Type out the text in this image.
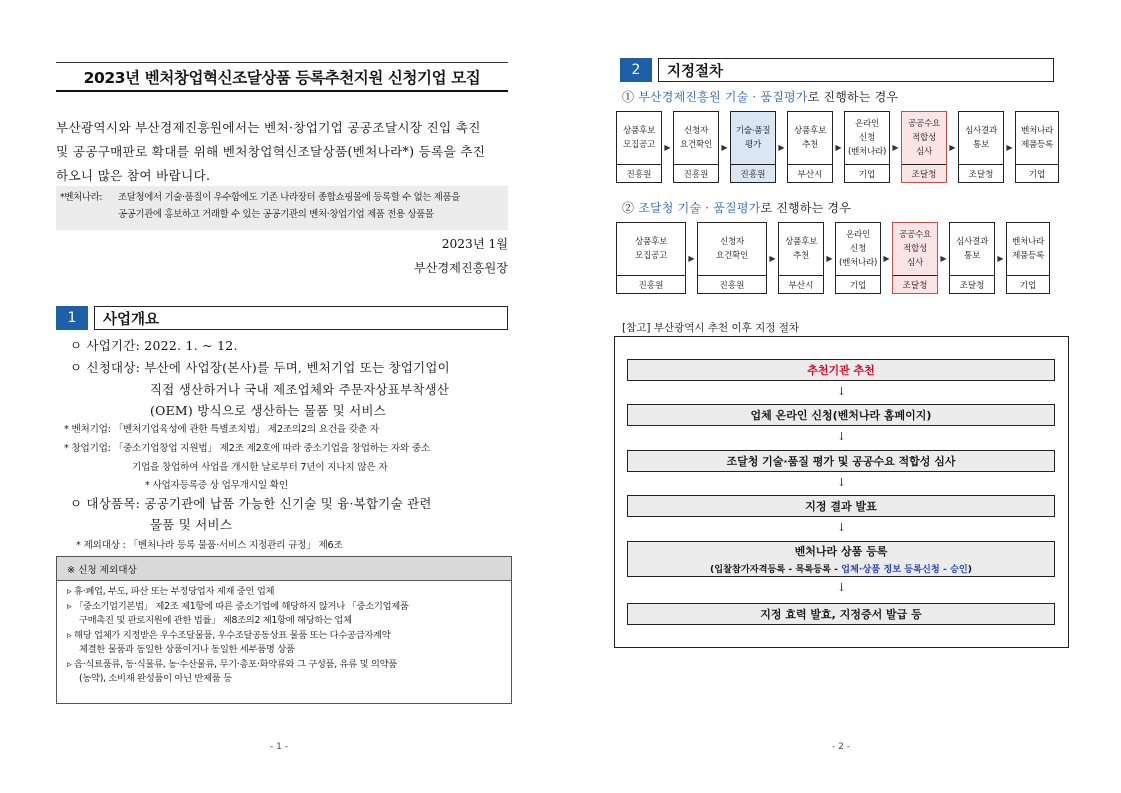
2023년 벤처창업혁신조달상품 등록추천지원 신청기업 모집
부산광역시와 부산경제진흥원에서는 벤처·창업기업 공공조달시장 진입 촉진
및 공공구매판로 확대를 위해 벤처창업혁신조달상품(벤처나라*) 등록을 추진
하오니 많은 참여 바랍니다.
*벤처나라: 조달청에서 기술·품질이 우수함에도 기존 나라장터 종합쇼핑몰에 등록할 수 없는 제품을
공공기관에 홍보하고 거래할 수 있는 공공기관의 벤처·창업기업 제품 전용 상품몰
2023년 1월
부산경제진흥원장
1	사업개요
ㅇ 사업기간: 2022. 1. ~ 12.
ㅇ 신청대상: 부산에 사업장(본사)를 두며, 벤처기업 또는 창업기업이
직접 생산하거나 국내 제조업체와 주문자상표부착생산
(OEM) 방식으로 생산하는 물품 및 서비스
* 벤처기업: 「벤처기업육성에 관한 특별조치법」 제2조의2의 요건을 갖춘 자
* 창업기업: 「중소기업창업 지원법」 제2조 제2호에 따라 중소기업을 창업하는 자와 중소
기업을 창업하여 사업을 개시한 날로부터 7년이 지나지 않은 자
* 사업자등록증 상 업무개시일 확인
ㅇ 대상품목: 공공기관에 납품 가능한 신기술 및 융·복합기술 관련
물품 및 서비스
* 제외대상 : 「벤처나라 등록 물품·서비스 지정관리 규정」 제6조
※ 신청 제외대상
▹ 휴·폐업, 부도, 파산 또는 부정당업자 제재 중인 업체
▹ 「중소기업기본법」 제2조 제1항에 따른 중소기업에 해당하지 않거나 「중소기업제품
구매촉진 및 판로지원에 관한 법률」 제8조의2 제1항에 해당하는 업체
▹ 해당 업체가 지정받은 우수조달물품, 우수조달공동상표 물품 또는 다수공급자계약
체결한 물품과 동일한 상품이거나 동일한 세부품명 상품
▹ 음·식료품류, 동·식물류, 농·수산물류, 무기·총포·화약류와 그 구성품, 유류 및 의약품
(농약), 소비재 완성품이 아닌 반제품 등
- 1 -
2	지정절차
① 부산경제진흥원 기술 · 품질평가로 진행하는 경우
상품후보
모집공고
진흥원
▶
신청자
요건확인
진흥원
▶
기술·품질
평가
진흥원
▶
상품후보
추천
부산시
▶
온라인
신청
(벤처나라)
기업
▶
공공수요
적합성
심사
조달청
▶
심사결과
통보
조달청
▶
벤처나라
제품등록
기업
② 조달청 기술 · 품질평가로 진행하는 경우
상품후보
모집공고
진흥원
▶
신청자
요건확인
진흥원
▶
상품후보
추천
부산시
▶
온라인
신청
(벤처나라)
기업
▶
공공수요
적합성
심사
조달청
▶
심사결과
통보
조달청
▶
벤처나라
제품등록
기업
[참고] 부산광역시 추천 이후 지정 절차
추천기관 추천
↓
업체 온라인 신청(벤처나라 홈페이지)
↓
조달청 기술·품질 평가 및 공공수요 적합성 심사
↓
지정 결과 발표
↓
벤처나라 상품 등록
(입찰참가자격등록 - 목록등록 - 업체·상품 정보 등록신청 - 승인)
↓
지정 효력 발효, 지정증서 발급 등
- 2 -
